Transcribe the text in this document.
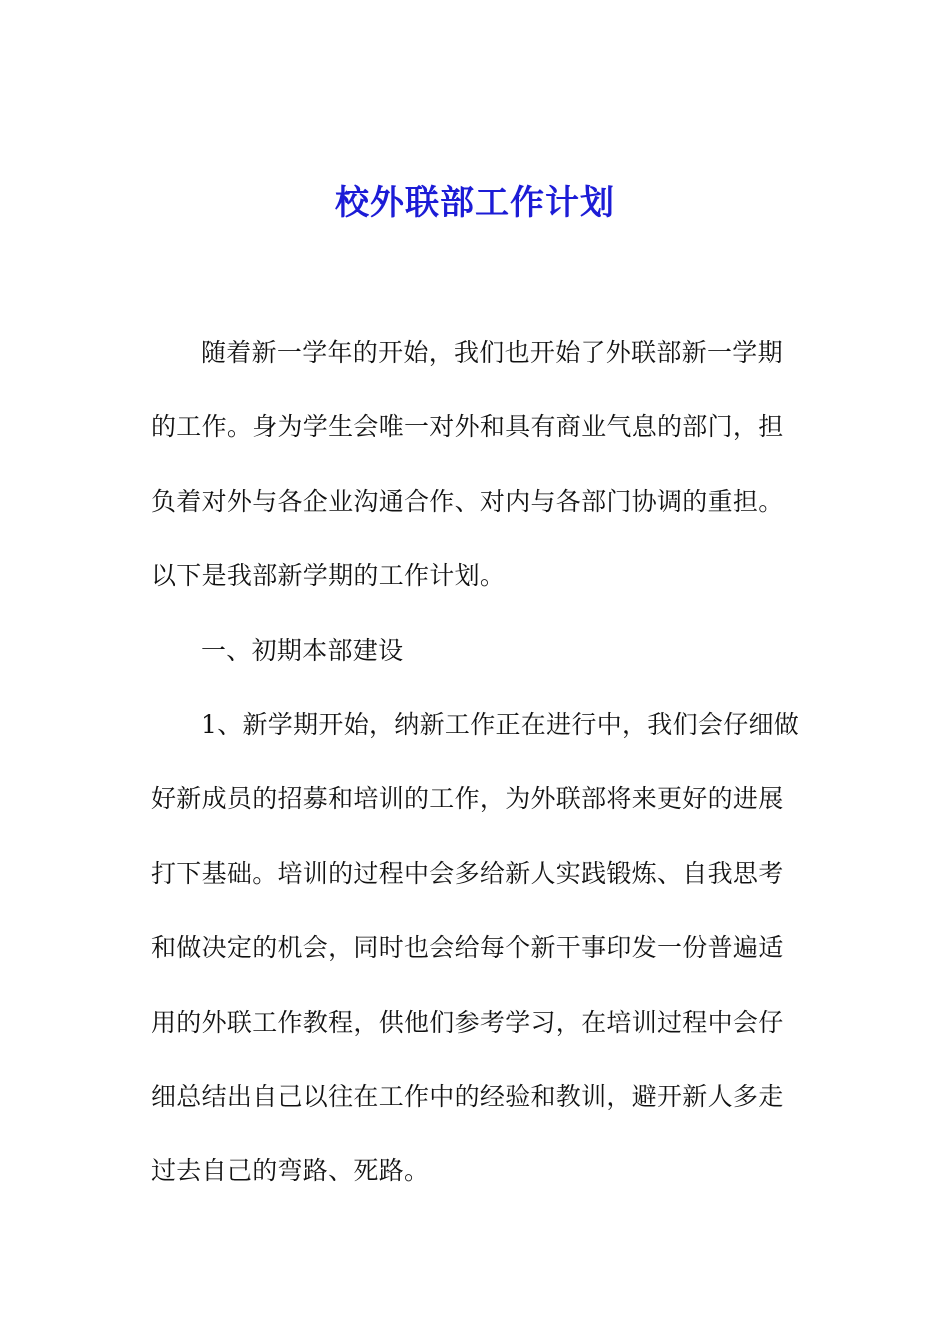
校外联部工作计划
随着新一学年的开始，我们也开始了外联部新一学期
的工作。身为学生会唯一对外和具有商业气息的部门，担
负着对外与各企业沟通合作、对内与各部门协调的重担。
以下是我部新学期的工作计划。
一、初期本部建设
1、新学期开始，纳新工作正在进行中，我们会仔细做
好新成员的招募和培训的工作，为外联部将来更好的进展
打下基础。培训的过程中会多给新人实践锻炼、自我思考
和做决定的机会，同时也会给每个新干事印发一份普遍适
用的外联工作教程，供他们参考学习，在培训过程中会仔
细总结出自己以往在工作中的经验和教训，避开新人多走
过去自己的弯路、死路。
